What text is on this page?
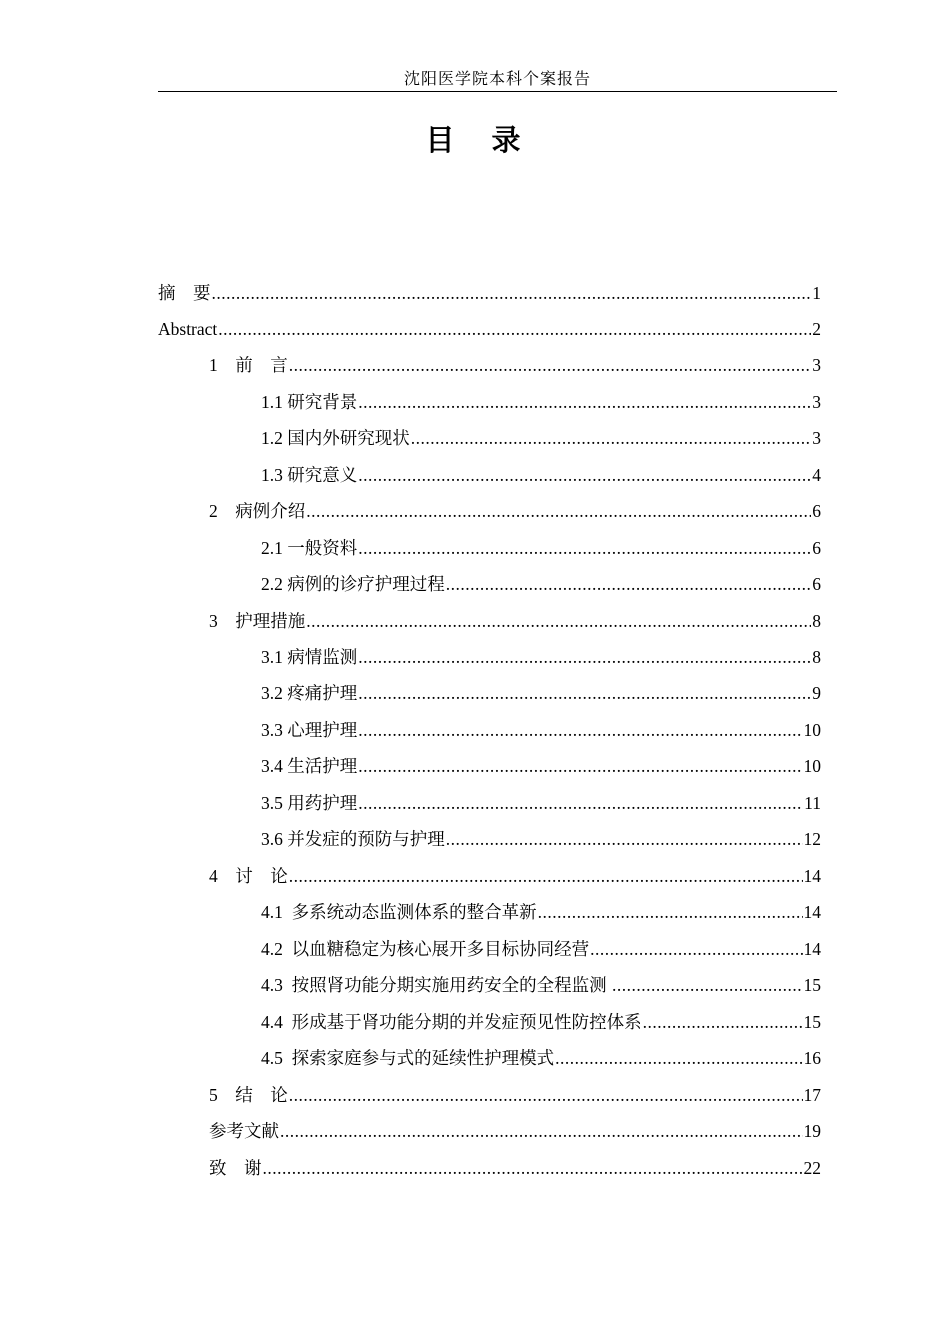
沈阳医学院本科个案报告
目　录
摘　要 .....	1
Abstract .....	2
1　前　言 .....	3
1.1 研究背景 .....	3
1.2 国内外研究现状 .....	3
1.3 研究意义 .....	4
2　病例介绍 .....	6
2.1 一般资料 .....	6
2.2 病例的诊疗护理过程 .....	6
3　护理措施 .....	8
3.1 病情监测 .....	8
3.2 疼痛护理 .....	9
3.3 心理护理 .....	10
3.4 生活护理 .....	10
3.5 用药护理 .....	11
3.6 并发症的预防与护理 .....	12
4　讨　论 .....	14
4.1  多系统动态监测体系的整合革新 .....	14
4.2  以血糖稳定为核心展开多目标协同经营 .....	14
4.3  按照肾功能分期实施用药安全的全程监测 .....	15
4.4  形成基于肾功能分期的并发症预见性防控体系 .....	15
4.5  探索家庭参与式的延续性护理模式 .....	16
5　结　论 .....	17
参考文献 .....	19
致　谢 .....	22
